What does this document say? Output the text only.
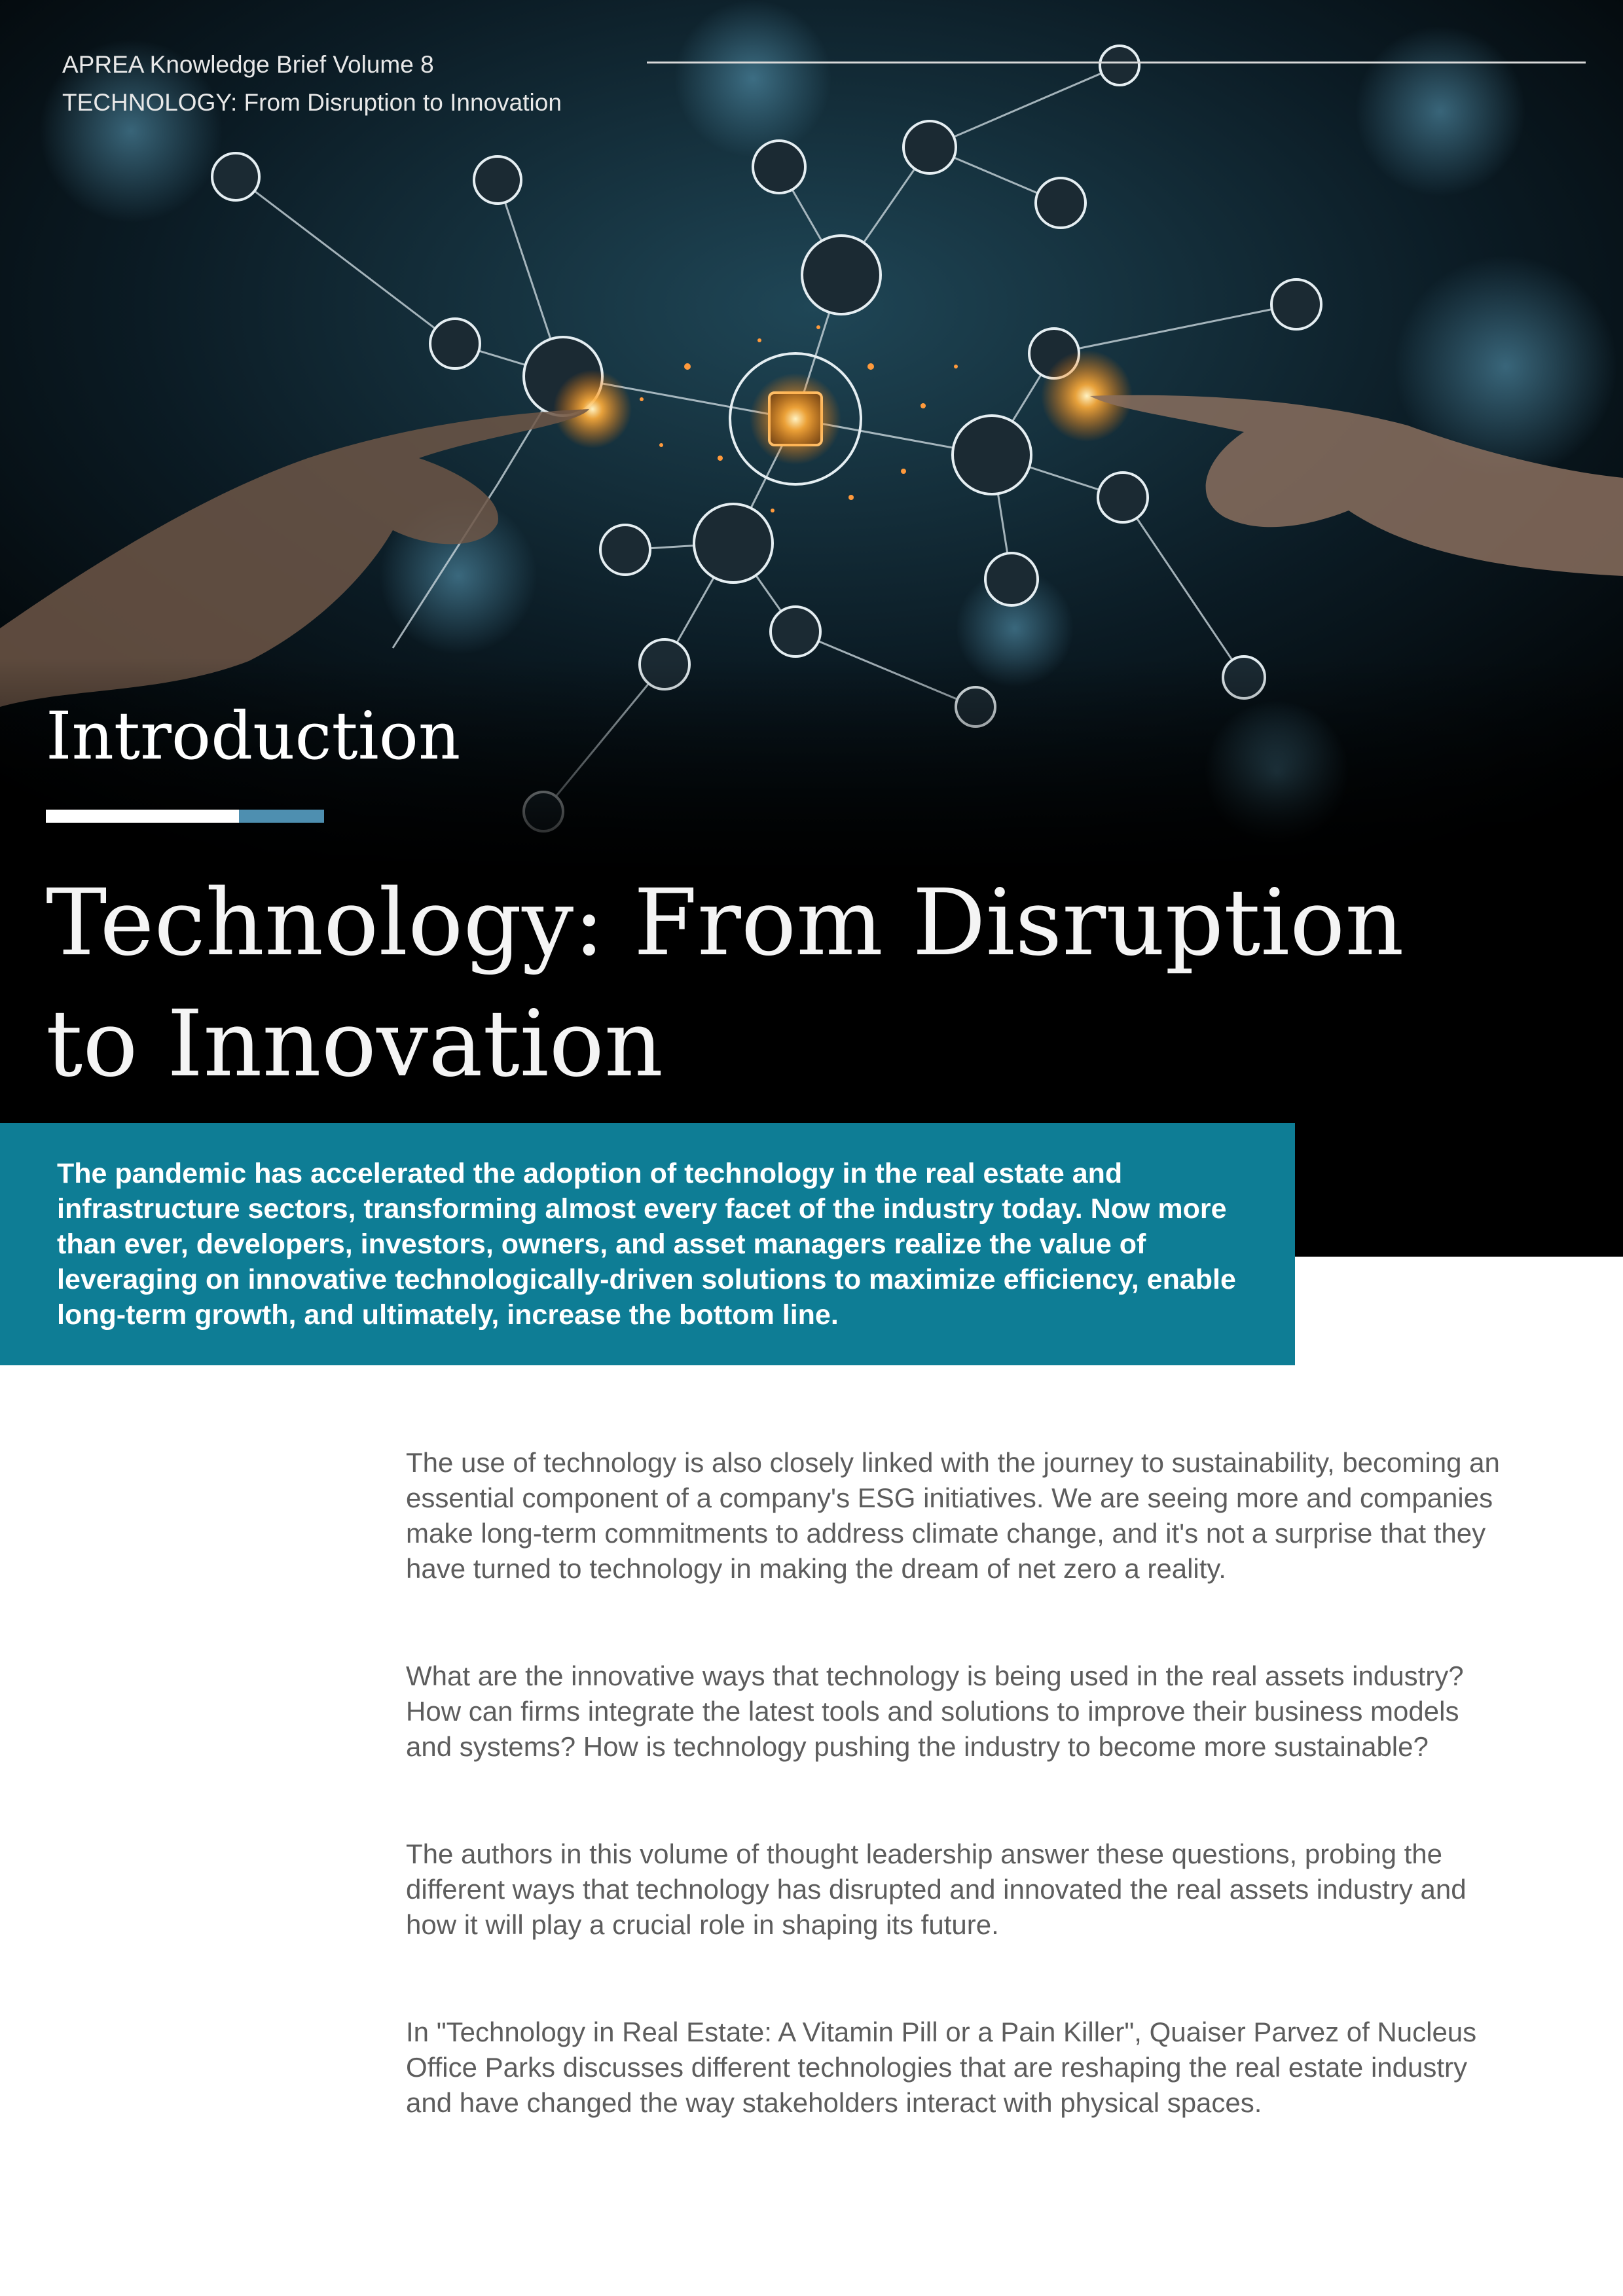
APREA Knowledge Brief Volume 8
TECHNOLOGY: From Disruption to Innovation
Introduction
Technology: From Disruption
to Innovation

The pandemic has accelerated the adoption of technology in the real estate and infrastructure sectors, transforming almost every facet of the industry today. Now more than ever, developers, investors, owners, and asset managers realize the value of leveraging on innovative technologically-driven solutions to maximize efficiency, enable long-term growth, and ultimately, increase the bottom line.

The use of technology is also closely linked with the journey to sustainability, becoming an essential component of a company's ESG initiatives. We are seeing more and companies make long-term commitments to address climate change, and it's not a surprise that they have turned to technology in making the dream of net zero a reality.

What are the innovative ways that technology is being used in the real assets industry? How can firms integrate the latest tools and solutions to improve their business models and systems? How is technology pushing the industry to become more sustainable?

The authors in this volume of thought leadership answer these questions, probing the different ways that technology has disrupted and innovated the real assets industry and how it will play a crucial role in shaping its future.

In "Technology in Real Estate: A Vitamin Pill or a Pain Killer", Quaiser Parvez of Nucleus Office Parks discusses different technologies that are reshaping the real estate industry and have changed the way stakeholders interact with physical spaces.
